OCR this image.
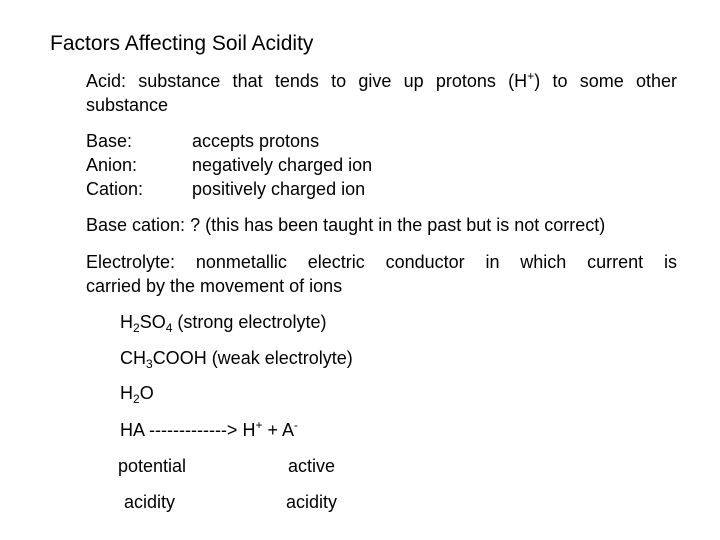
Factors Affecting Soil Acidity
Acid: substance that tends to give up protons (H+) to some other
substance
Base:	accepts protons
Anion:	negatively charged ion
Cation:	positively charged ion
Base cation: ? (this has been taught in the past but is not correct)
Electrolyte: nonmetallic electric conductor in which current is
carried by the movement of ions
$H_2SO_4$ (strong electrolyte)
$CH_3COOH$ (weak electrolyte)
$H_2O$
HA -------------> H+ + A-
potential	active
acidity	acidity
